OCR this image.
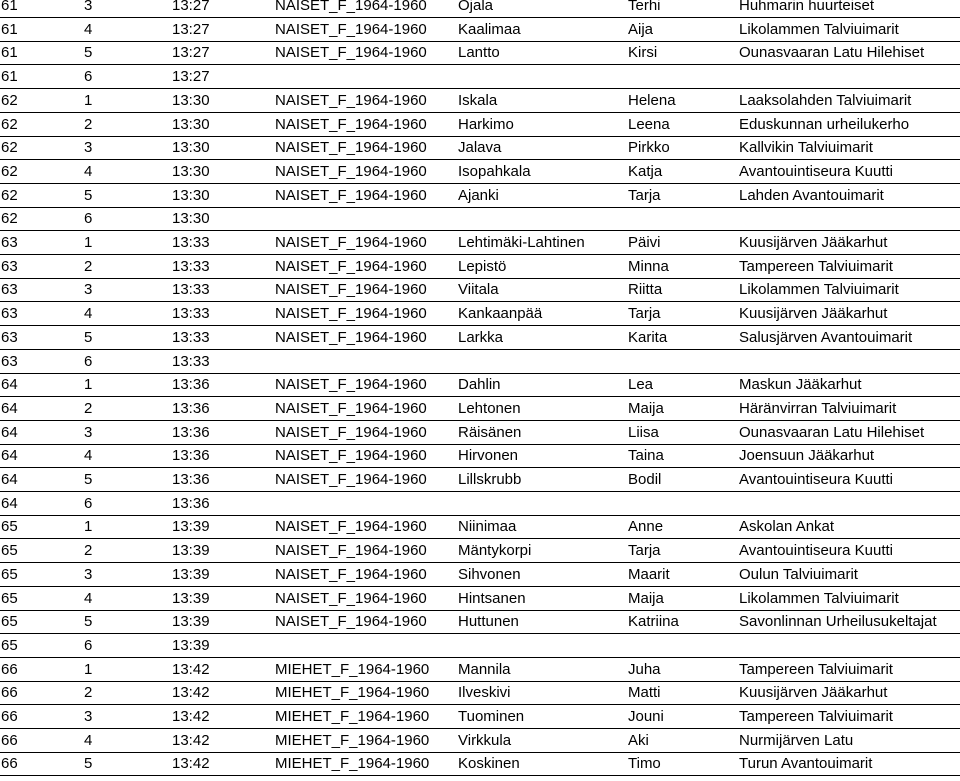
61	3	13:27	NAISET_F_1964-1960 Ojala	Terhi	Huhmarin huurteiset
61	4	13:27	NAISET_F_1964-1960 Kaalimaa	Aija	Likolammen Talviuimarit
61	5	13:27	NAISET_F_1964-1960 Lantto	Kirsi	Ounasvaaran Latu Hilehiset
61	6	13:27
62	1	13:30	NAISET_F_1964-1960 Iskala	Helena	Laaksolahden Talviuimarit
62	2	13:30	NAISET_F_1964-1960 Harkimo	Leena	Eduskunnan urheilukerho
62	3	13:30	NAISET_F_1964-1960 Jalava	Pirkko	Kallvikin Talviuimarit
62	4	13:30	NAISET_F_1964-1960 Isopahkala	Katja	Avantouintiseura Kuutti
62	5	13:30	NAISET_F_1964-1960 Ajanki	Tarja	Lahden Avantouimarit
62	6	13:30
63	1	13:33	NAISET_F_1964-1960 Lehtimäki-Lahtinen	Päivi	Kuusijärven Jääkarhut
63	2	13:33	NAISET_F_1964-1960 Lepistö	Minna	Tampereen Talviuimarit
63	3	13:33	NAISET_F_1964-1960 Viitala	Riitta	Likolammen Talviuimarit
63	4	13:33	NAISET_F_1964-1960 Kankaanpää	Tarja	Kuusijärven Jääkarhut
63	5	13:33	NAISET_F_1964-1960 Larkka	Karita	Salusjärven Avantouimarit
63	6	13:33
64	1	13:36	NAISET_F_1964-1960 Dahlin	Lea	Maskun Jääkarhut
64	2	13:36	NAISET_F_1964-1960 Lehtonen	Maija	Häränvirran Talviuimarit
64	3	13:36	NAISET_F_1964-1960 Räisänen	Liisa	Ounasvaaran Latu Hilehiset
64	4	13:36	NAISET_F_1964-1960 Hirvonen	Taina	Joensuun Jääkarhut
64	5	13:36	NAISET_F_1964-1960 Lillskrubb	Bodil	Avantouintiseura Kuutti
64	6	13:36
65	1	13:39	NAISET_F_1964-1960 Niinimaa	Anne	Askolan Ankat
65	2	13:39	NAISET_F_1964-1960 Mäntykorpi	Tarja	Avantouintiseura Kuutti
65	3	13:39	NAISET_F_1964-1960 Sihvonen	Maarit	Oulun Talviuimarit
65	4	13:39	NAISET_F_1964-1960 Hintsanen	Maija	Likolammen Talviuimarit
65	5	13:39	NAISET_F_1964-1960 Huttunen	Katriina	Savonlinnan Urheilusukeltajat
65	6	13:39
66	1	13:42	MIEHET_F_1964-1960 Mannila	Juha	Tampereen Talviuimarit
66	2	13:42	MIEHET_F_1964-1960 Ilveskivi	Matti	Kuusijärven Jääkarhut
66	3	13:42	MIEHET_F_1964-1960 Tuominen	Jouni	Tampereen Talviuimarit
66	4	13:42	MIEHET_F_1964-1960 Virkkula	Aki	Nurmijärven Latu
66	5	13:42	MIEHET_F_1964-1960 Koskinen	Timo	Turun Avantouimarit
